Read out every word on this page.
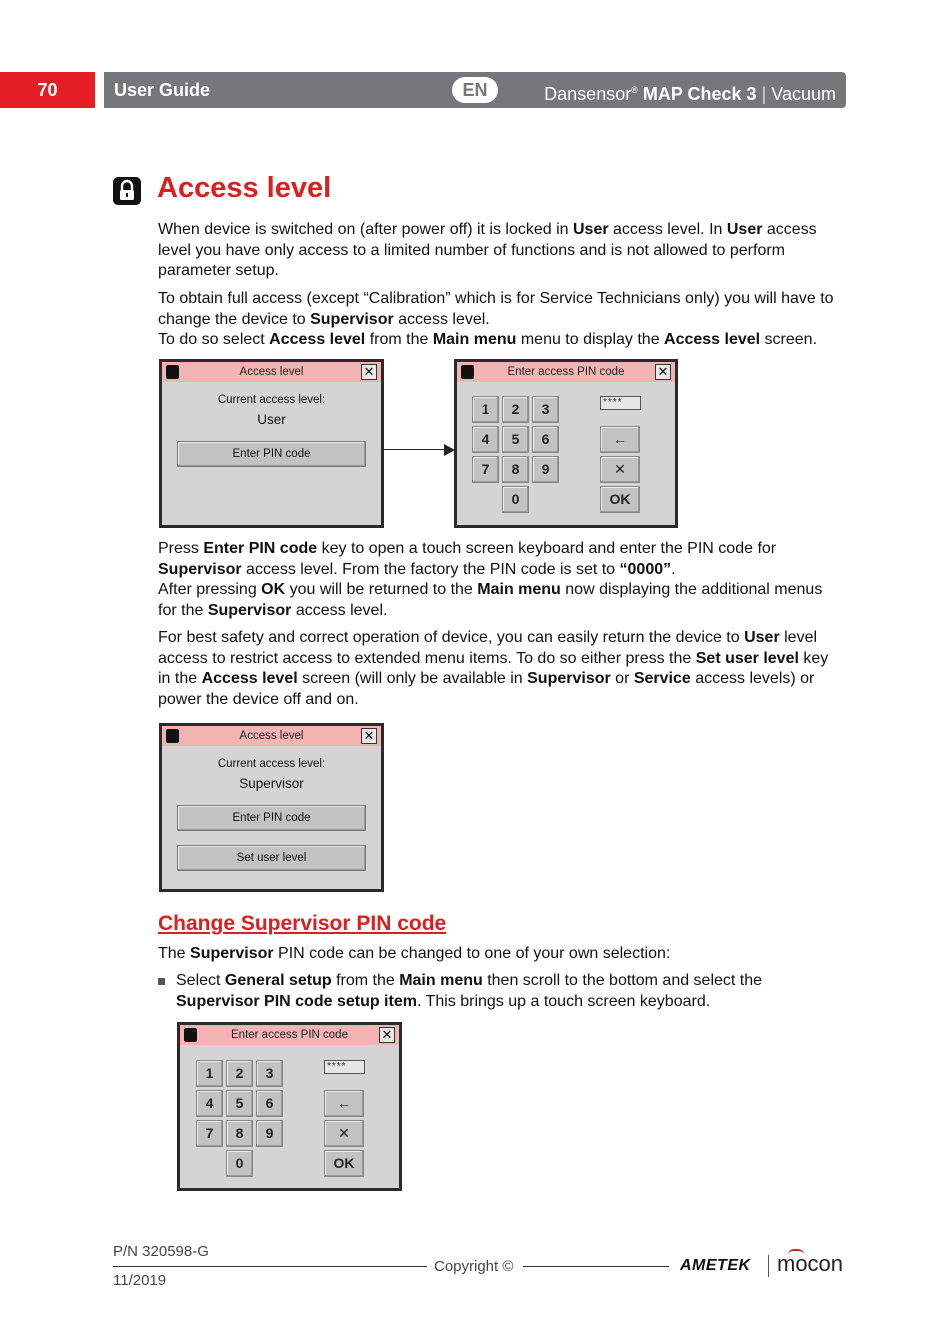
70	User Guide	EN	Dansensor® MAP Check 3 | Vacuum
Access level
When device is switched on (after power off) it is locked in User access level. In User access level you have only access to a limited number of functions and is not allowed to perform parameter setup.
To obtain full access (except “Calibration” which is for Service Technicians only) you will have to change the device to Supervisor access level.
To do so select Access level from the Main menu menu to display the Access level screen.
Access level	✕
Current access level:
User
Enter PIN code
Enter access PIN code	✕
1	2	3
4	5	6
7	8	9
0
****
←
✕
OK
Press Enter PIN code key to open a touch screen keyboard and enter the PIN code for Supervisor access level. From the factory the PIN code is set to “0000”.
After pressing OK you will be returned to the Main menu now displaying the additional menus for the Supervisor access level.
For best safety and correct operation of device, you can easily return the device to User level access to restrict access to extended menu items. To do so either press the Set user level key in the Access level screen (will only be available in Supervisor or Service access levels) or power the device off and on.
Access level	✕
Current access level:
Supervisor
Enter PIN code
Set user level
Change Supervisor PIN code
The Supervisor PIN code can be changed to one of your own selection:
Select General setup from the Main menu then scroll to the bottom and select the Supervisor PIN code setup item. This brings up a touch screen keyboard.
Enter access PIN code	✕
1	2	3
4	5	6
7	8	9
0
****
←
✕
OK
P/N 320598-G
11/2019
Copyright ©	AMETEK mocon
